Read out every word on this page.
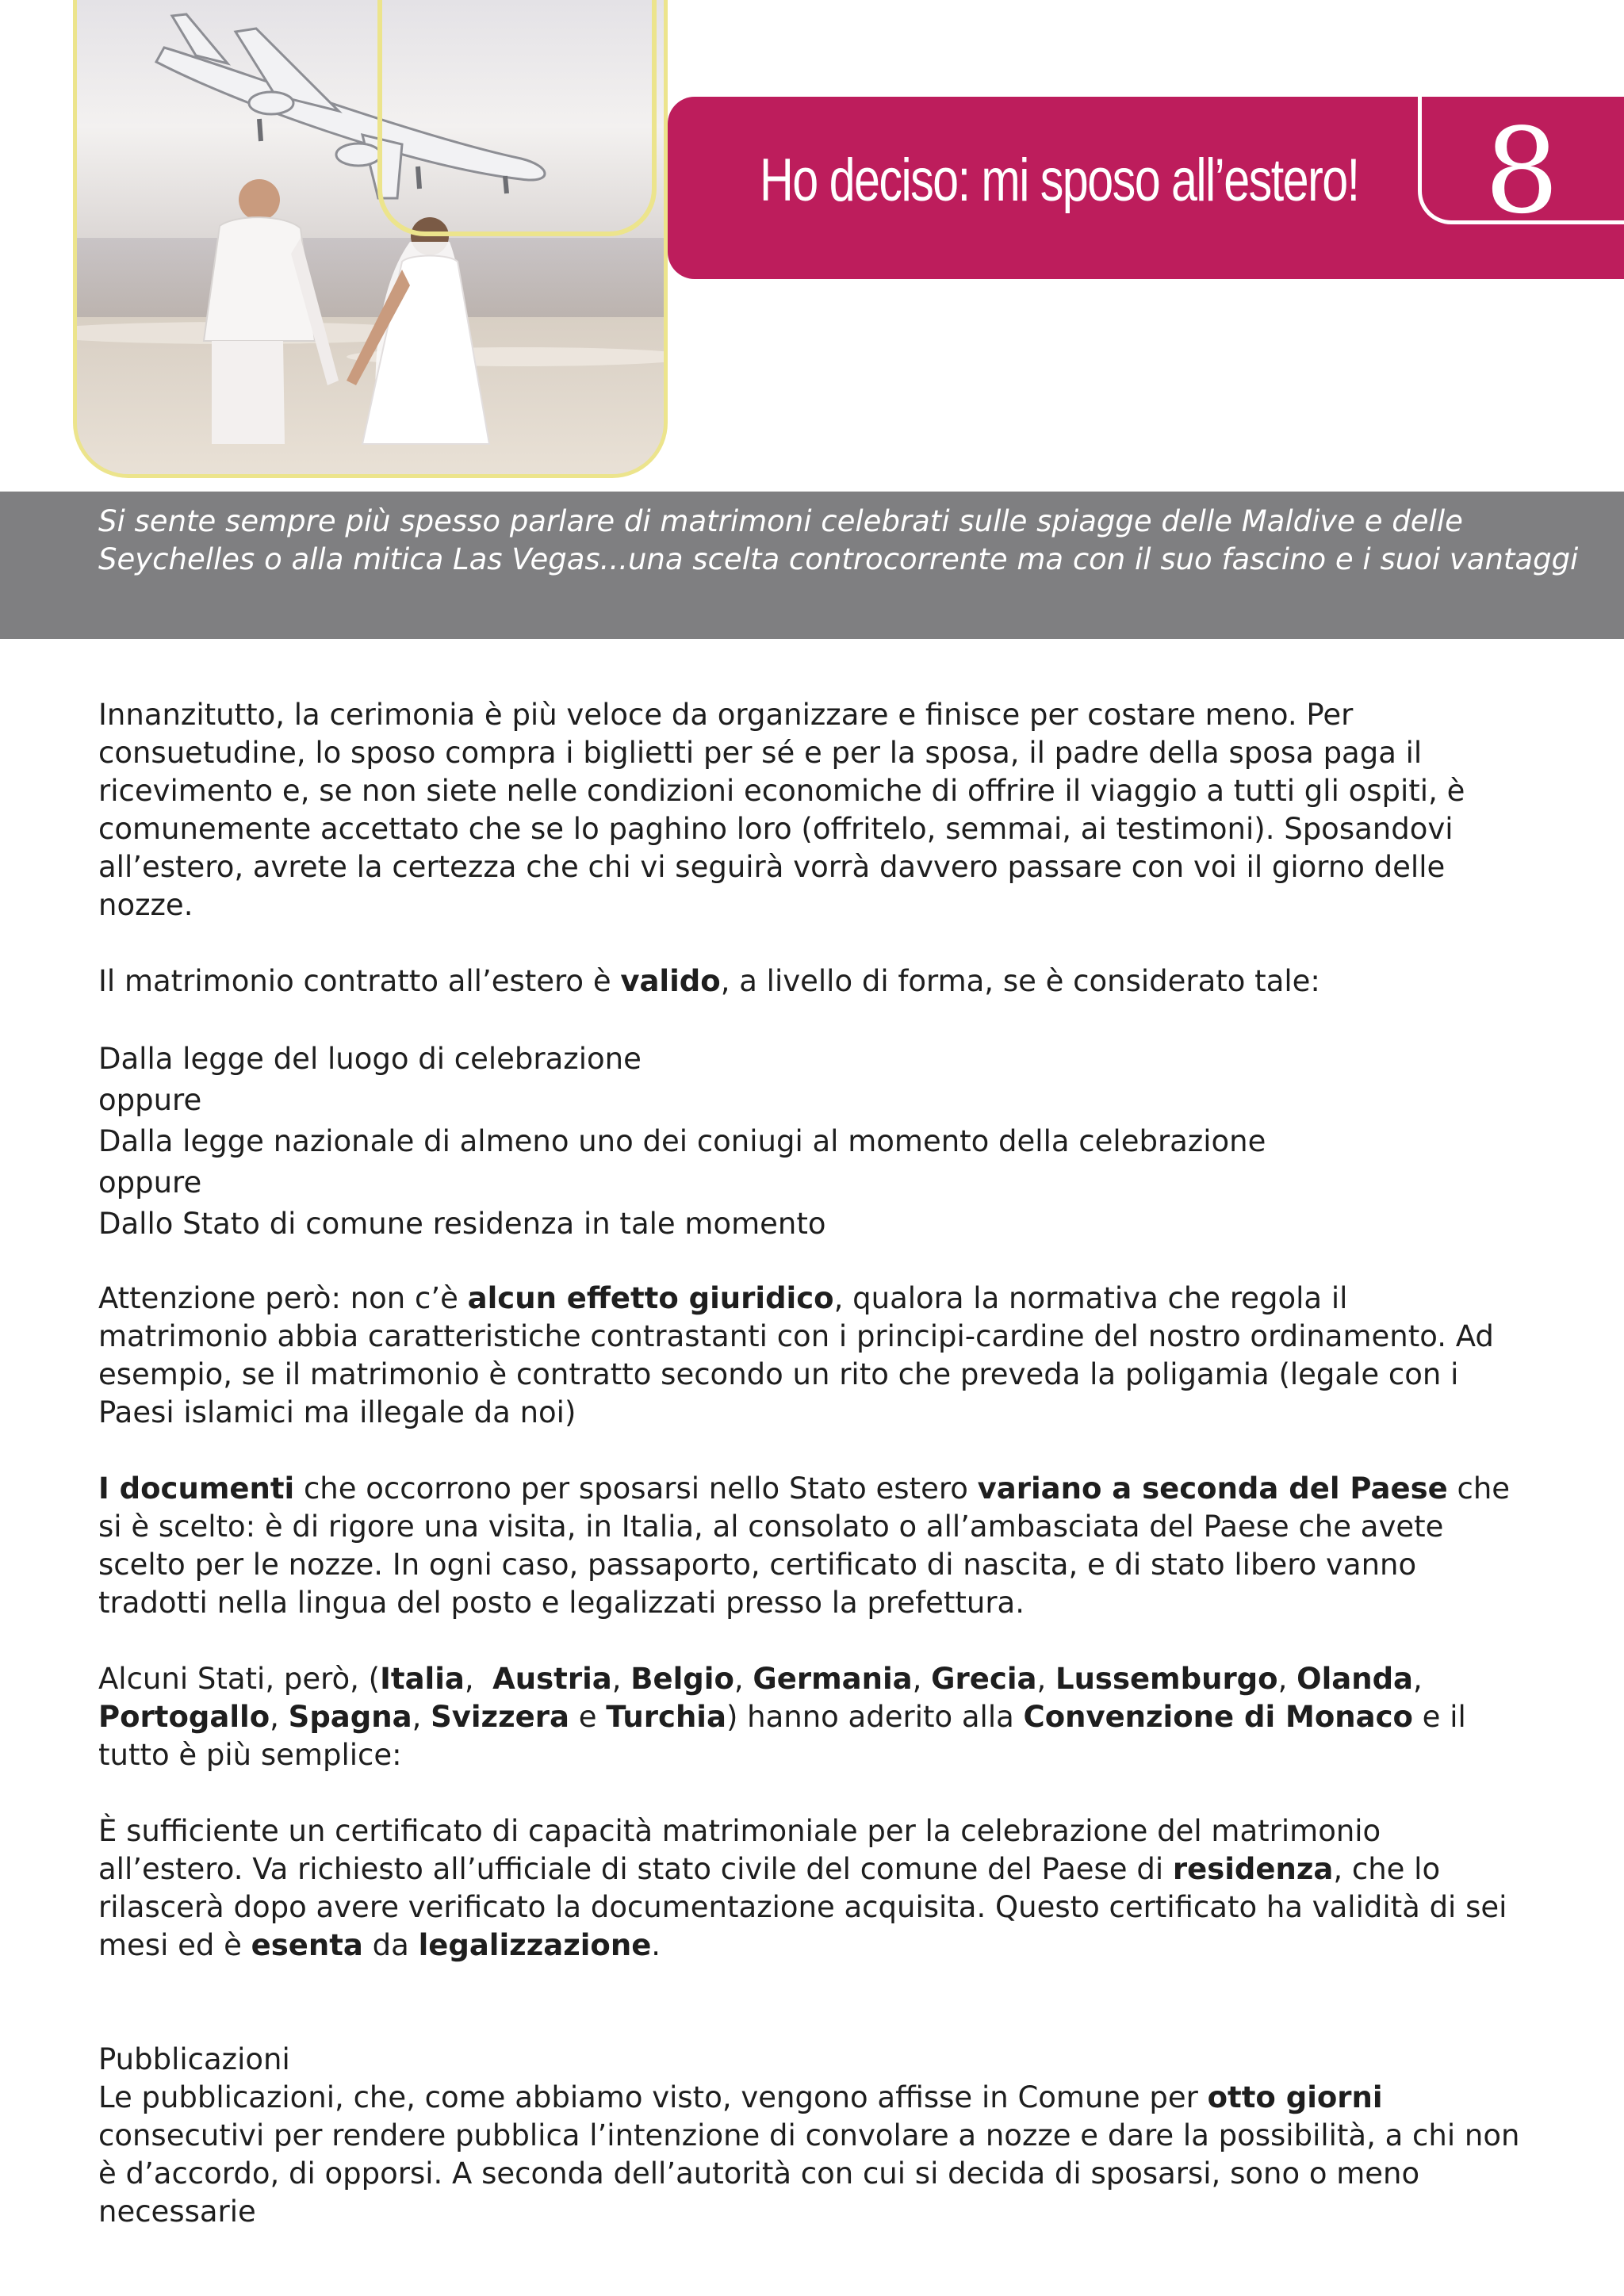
Ho deciso: mi sposo all’estero! 8

Si sente sempre più spesso parlare di matrimoni celebrati sulle spiagge delle Maldive e delle Seychelles o alla mitica Las Vegas...una scelta controcorrente ma con il suo fascino e i suoi vantaggi

Innanzitutto, la cerimonia è più veloce da organizzare e finisce per costare meno. Per consuetudine, lo sposo compra i biglietti per sé e per la sposa, il padre della sposa paga il ricevimento e, se non siete nelle condizioni economiche di offrire il viaggio a tutti gli ospiti, è comunemente accettato che se lo paghino loro (offritelo, semmai, ai testimoni). Sposandovi all’estero, avrete la certezza che chi vi seguirà vorrà davvero passare con voi il giorno delle nozze.

Il matrimonio contratto all’estero è valido, a livello di forma, se è considerato tale:

Dalla legge del luogo di celebrazione

oppure

Dalla legge nazionale di almeno uno dei coniugi al momento della celebrazione

oppure

Dallo Stato di comune residenza in tale momento

Attenzione però: non c’è alcun effetto giuridico, qualora la normativa che regola il matrimonio abbia caratteristiche contrastanti con i principi-cardine del nostro ordinamento. Ad esempio, se il matrimonio è contratto secondo un rito che preveda la poligamia (legale con i Paesi islamici ma illegale da noi)

I documenti che occorrono per sposarsi nello Stato estero variano a seconda del Paese che si è scelto: è di rigore una visita, in Italia, al consolato o all’ambasciata del Paese che avete scelto per le nozze. In ogni caso, passaporto, certificato di nascita, e di stato libero vanno tradotti nella lingua del posto e legalizzati presso la prefettura.

Alcuni Stati, però, (Italia,  Austria, Belgio, Germania, Grecia, Lussemburgo, Olanda, Portogallo, Spagna, Svizzera e Turchia) hanno aderito alla Convenzione di Monaco e il tutto è più semplice:

È sufficiente un certificato di capacità matrimoniale per la celebrazione del matrimonio all’estero. Va richiesto all’ufficiale di stato civile del comune del Paese di residenza, che lo rilascerà dopo avere verificato la documentazione acquisita. Questo certificato ha validità di sei mesi ed è esenta da legalizzazione.

Pubblicazioni

Le pubblicazioni, che, come abbiamo visto, vengono affisse in Comune per otto giorni consecutivi per rendere pubblica l’intenzione di convolare a nozze e dare la possibilità, a chi non è d’accordo, di opporsi. A seconda dell’autorità con cui si decida di sposarsi, sono o meno necessarie
